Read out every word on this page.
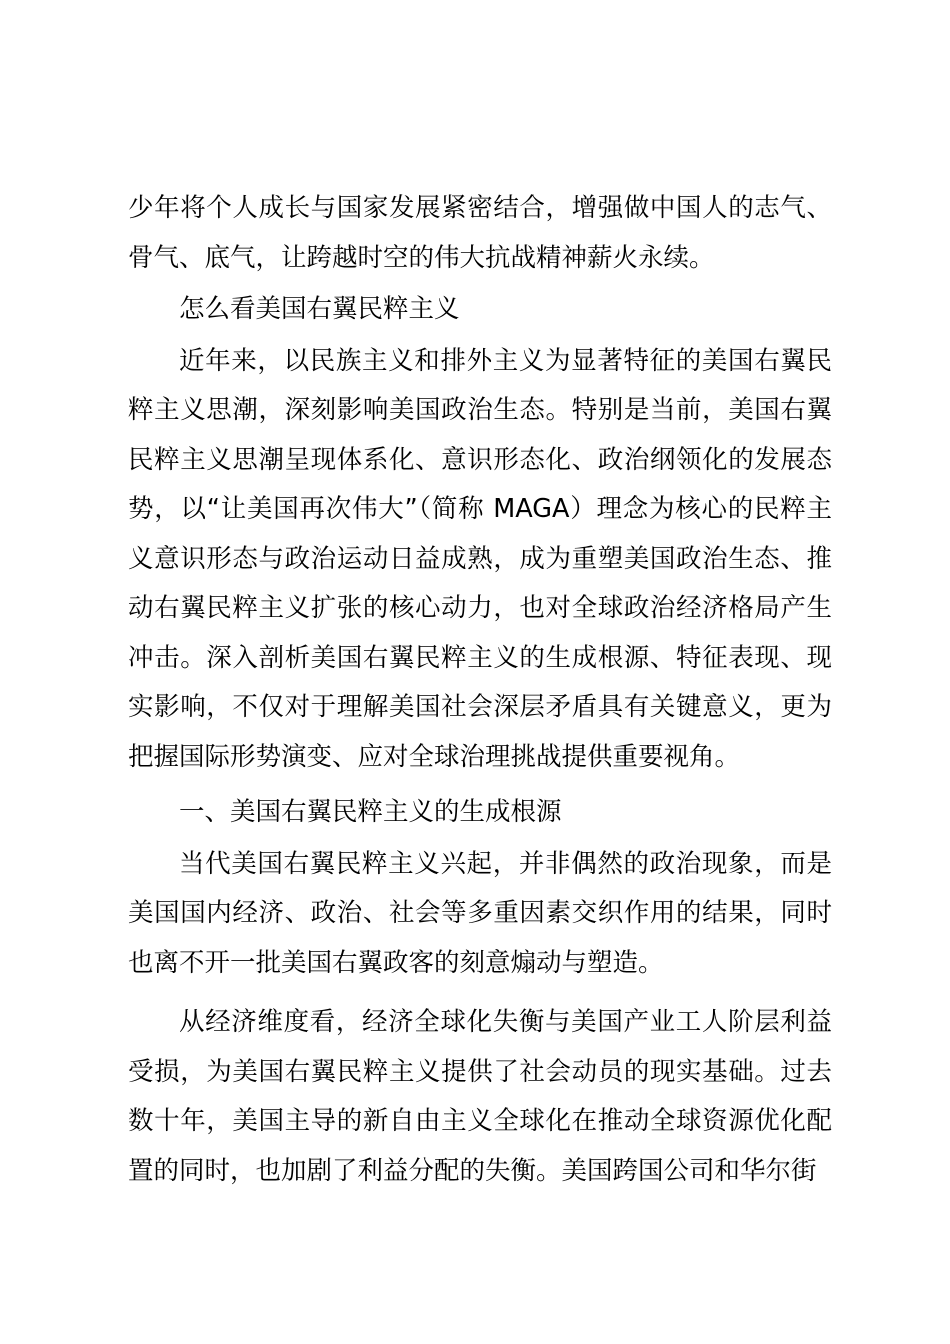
少年将个人成长与国家发展紧密结合，增强做中国人的志气、骨气、底气，让跨越时空的伟大抗战精神薪火永续。

怎么看美国右翼民粹主义

近年来，以民族主义和排外主义为显著特征的美国右翼民粹主义思潮，深刻影响美国政治生态。特别是当前，美国右翼民粹主义思潮呈现体系化、意识形态化、政治纲领化的发展态势，以“让美国再次伟大”（简称 MAGA）理念为核心的民粹主义意识形态与政治运动日益成熟，成为重塑美国政治生态、推动右翼民粹主义扩张的核心动力，也对全球政治经济格局产生冲击。深入剖析美国右翼民粹主义的生成根源、特征表现、现实影响，不仅对于理解美国社会深层矛盾具有关键意义，更为把握国际形势演变、应对全球治理挑战提供重要视角。

一、美国右翼民粹主义的生成根源

当代美国右翼民粹主义兴起，并非偶然的政治现象，而是美国国内经济、政治、社会等多重因素交织作用的结果，同时也离不开一批美国右翼政客的刻意煽动与塑造。

从经济维度看，经济全球化失衡与美国产业工人阶层利益受损，为美国右翼民粹主义提供了社会动员的现实基础。过去数十年，美国主导的新自由主义全球化在推动全球资源优化配置的同时，也加剧了利益分配的失衡。美国跨国公司和华尔街
